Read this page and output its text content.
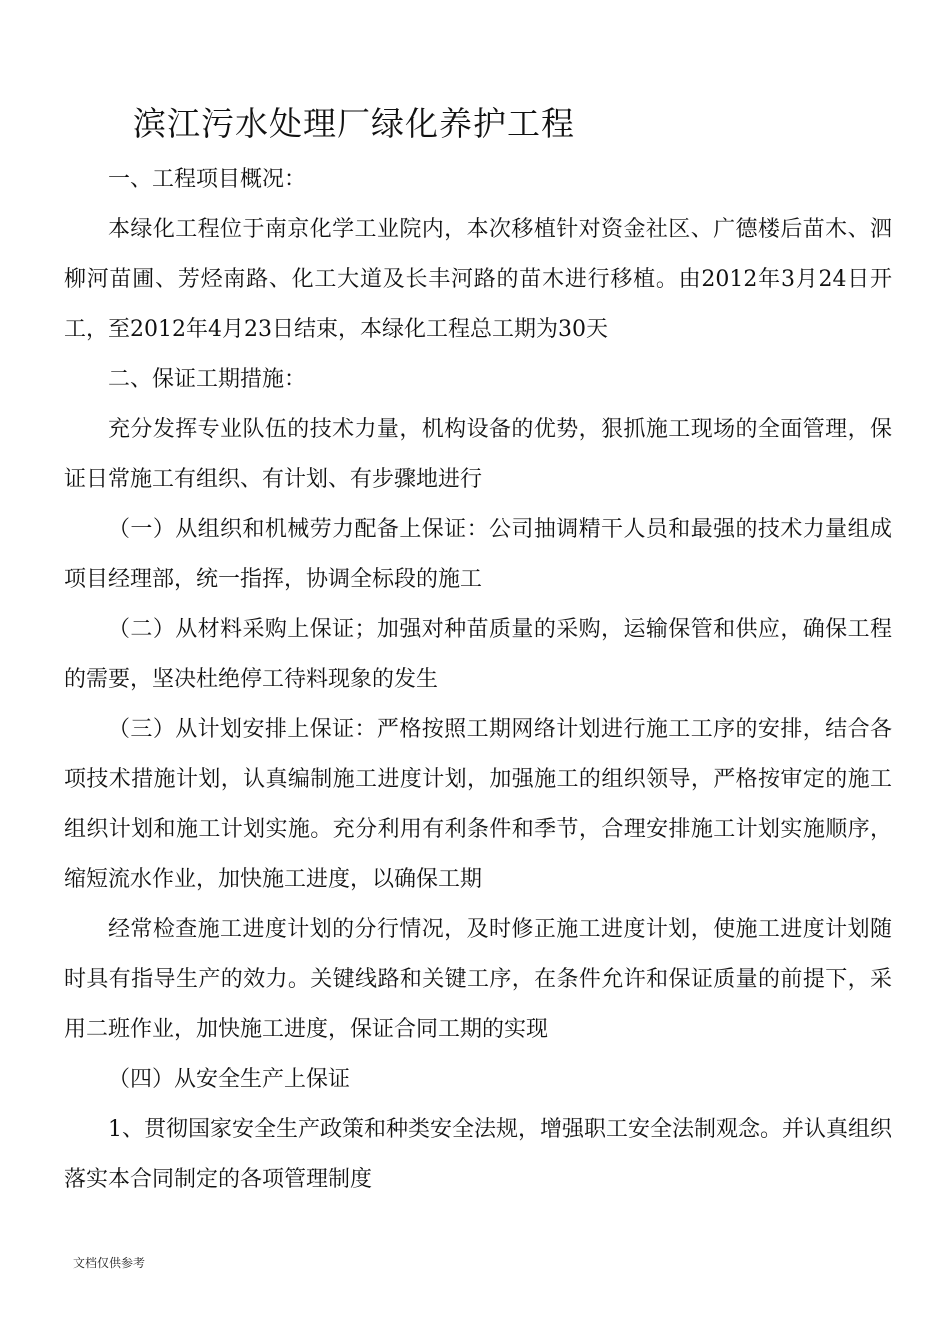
滨江污水处理厂绿化养护工程

一、工程项目概况：

本绿化工程位于南京化学工业院内，本次移植针对资金社区、广德楼后苗木、泗柳河苗圃、芳烃南路、化工大道及长丰河路的苗木进行移植。由2012年3月24日开工，至2012年4月23日结束，本绿化工程总工期为30天

二、保证工期措施：

充分发挥专业队伍的技术力量，机构设备的优势，狠抓施工现场的全面管理，保证日常施工有组织、有计划、有步骤地进行

（一）从组织和机械劳力配备上保证：公司抽调精干人员和最强的技术力量组成项目经理部，统一指挥，协调全标段的施工

（二）从材料采购上保证；加强对种苗质量的采购，运输保管和供应，确保工程的需要，坚决杜绝停工待料现象的发生

（三）从计划安排上保证：严格按照工期网络计划进行施工工序的安排，结合各项技术措施计划，认真编制施工进度计划，加强施工的组织领导，严格按审定的施工组织计划和施工计划实施。充分利用有利条件和季节，合理安排施工计划实施顺序，缩短流水作业，加快施工进度，以确保工期

经常检查施工进度计划的分行情况，及时修正施工进度计划，使施工进度计划随时具有指导生产的效力。关键线路和关键工序，在条件允许和保证质量的前提下，采用二班作业，加快施工进度，保证合同工期的实现

（四）从安全生产上保证

1、贯彻国家安全生产政策和种类安全法规，增强职工安全法制观念。并认真组织落实本合同制定的各项管理制度

文档仅供参考
